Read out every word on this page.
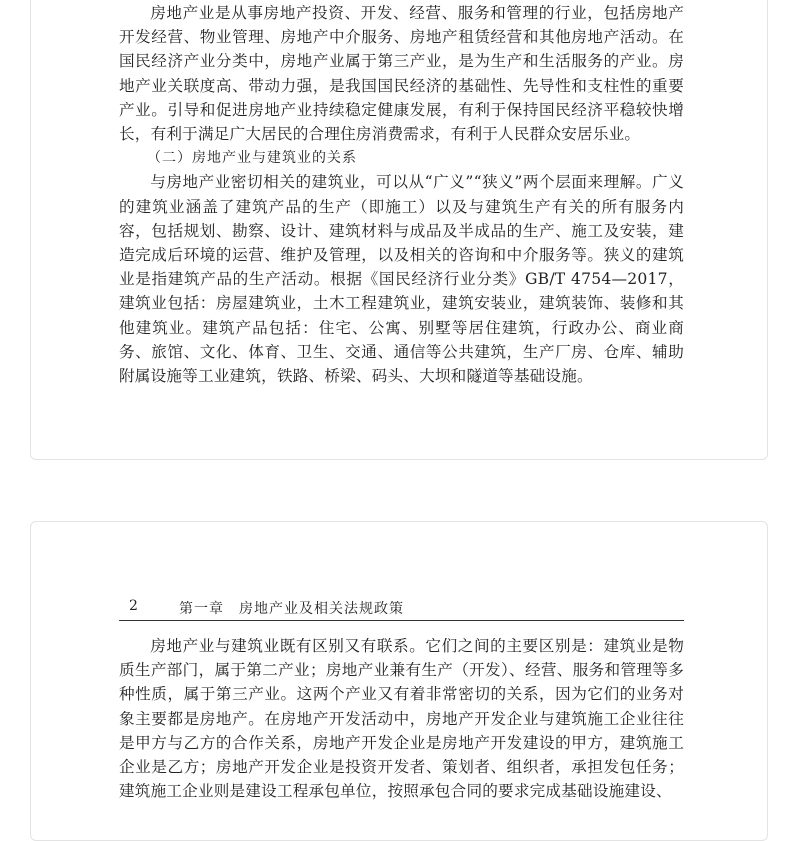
房地产业是从事房地产投资、开发、经营、服务和管理的行业，包括房地产开发经营、物业管理、房地产中介服务、房地产租赁经营和其他房地产活动。在国民经济产业分类中，房地产业属于第三产业，是为生产和生活服务的产业。房地产业关联度高、带动力强，是我国国民经济的基础性、先导性和支柱性的重要产业。引导和促进房地产业持续稳定健康发展，有利于保持国民经济平稳较快增长，有利于满足广大居民的合理住房消费需求，有利于人民群众安居乐业。

（二）房地产业与建筑业的关系

与房地产业密切相关的建筑业，可以从“广义”“狭义”两个层面来理解。广义的建筑业涵盖了建筑产品的生产（即施工）以及与建筑生产有关的所有服务内容，包括规划、勘察、设计、建筑材料与成品及半成品的生产、施工及安装，建造完成后环境的运营、维护及管理，以及相关的咨询和中介服务等。狭义的建筑业是指建筑产品的生产活动。根据《国民经济行业分类》GB/T 4754—2017，建筑业包括：房屋建筑业，土木工程建筑业，建筑安装业，建筑装饰、装修和其他建筑业。建筑产品包括：住宅、公寓、别墅等居住建筑，行政办公、商业商务、旅馆、文化、体育、卫生、交通、通信等公共建筑，生产厂房、仓库、辅助附属设施等工业建筑，铁路、桥梁、码头、大坝和隧道等基础设施。

2	第一章　房地产业及相关法规政策

房地产业与建筑业既有区别又有联系。它们之间的主要区别是：建筑业是物质生产部门，属于第二产业；房地产业兼有生产（开发）、经营、服务和管理等多种性质，属于第三产业。这两个产业又有着非常密切的关系，因为它们的业务对象主要都是房地产。在房地产开发活动中，房地产开发企业与建筑施工企业往往是甲方与乙方的合作关系，房地产开发企业是房地产开发建设的甲方，建筑施工企业是乙方；房地产开发企业是投资开发者、策划者、组织者，承担发包任务；建筑施工企业则是建设工程承包单位，按照承包合同的要求完成基础设施建设、
